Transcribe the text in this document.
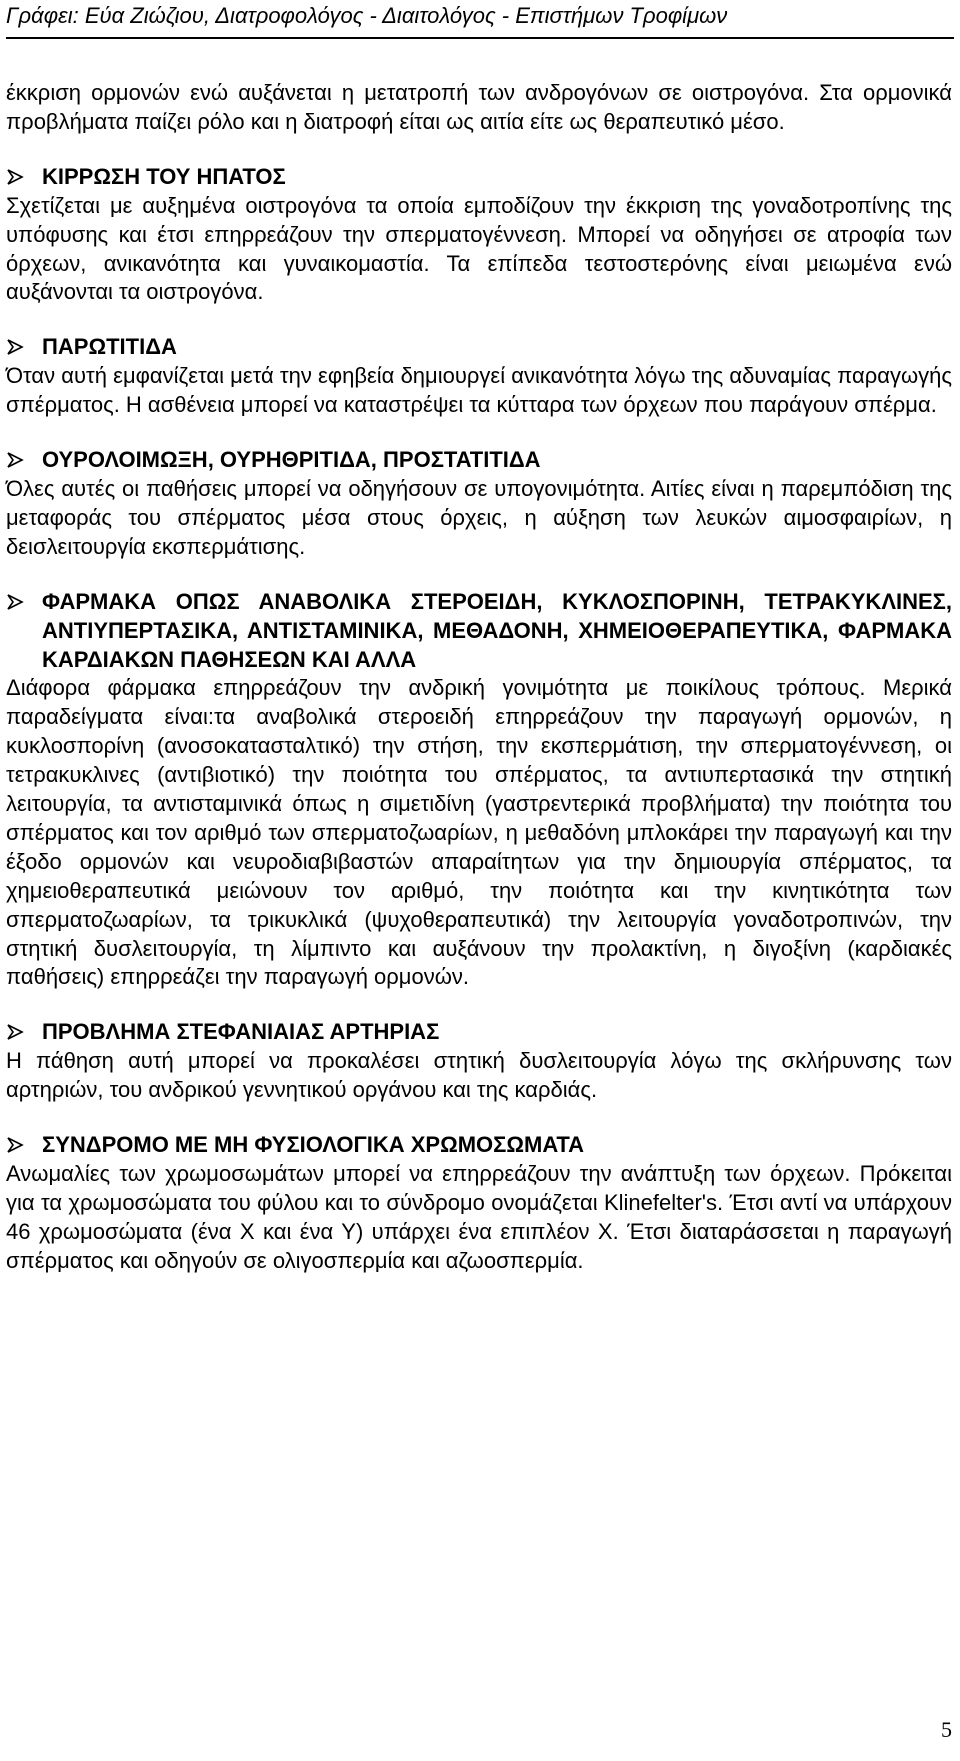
Γράφει: Εύα Ζιώζιου, Διατροφολόγος - Διαιτολόγος - Επιστήμων Τροφίμων

έκκριση ορμονών ενώ αυξάνεται η μετατροπή των ανδρογόνων σε οιστρογόνα. Στα ορμονικά προβλήματα παίζει ρόλο και η διατροφή είται ως αιτία είτε ως θεραπευτικό μέσο.

ΚΙΡΡΩΣΗ ΤΟΥ ΗΠΑΤΟΣ

Σχετίζεται με αυξημένα οιστρογόνα τα οποία εμποδίζουν την έκκριση της γοναδοτροπίνης της υπόφυσης και έτσι επηρρεάζουν την σπερματογέννεση. Μπορεί να οδηγήσει σε ατροφία των όρχεων, ανικανότητα και γυναικομαστία. Τα επίπεδα τεστοστερόνης είναι μειωμένα ενώ αυξάνονται τα οιστρογόνα.

ΠΑΡΩΤΙΤΙΔΑ

Όταν αυτή εμφανίζεται μετά την εφηβεία δημιουργεί ανικανότητα λόγω της αδυναμίας παραγωγής σπέρματος. Η ασθένεια μπορεί να καταστρέψει τα κύτταρα των όρχεων που παράγουν σπέρμα.

ΟΥΡΟΛΟΙΜΩΞΗ, ΟΥΡΗΘΡΙΤΙΔΑ, ΠΡΟΣΤΑΤΙΤΙΔΑ

Όλες αυτές οι παθήσεις μπορεί να οδηγήσουν σε υπογονιμότητα. Αιτίες είναι η παρεμπόδιση της μεταφοράς του σπέρματος μέσα στους όρχεις, η αύξηση των λευκών αιμοσφαιρίων, η δεισλειτουργία εκσπερμάτισης.

ΦΑΡΜΑΚΑ ΟΠΩΣ ΑΝΑΒΟΛΙΚΑ ΣΤΕΡΟΕΙΔΗ, ΚΥΚΛΟΣΠΟΡΙΝΗ, ΤΕΤΡΑΚΥΚΛΙΝΕΣ, ΑΝΤΙΥΠΕΡΤΑΣΙΚΑ, ΑΝΤΙΣΤΑΜΙΝΙΚΑ, ΜΕΘΑΔΟΝΗ, ΧΗΜΕΙΟΘΕΡΑΠΕΥΤΙΚΑ, ΦΑΡΜΑΚΑ ΚΑΡΔΙΑΚΩΝ ΠΑΘΗΣΕΩΝ ΚΑΙ ΑΛΛΑ

Διάφορα φάρμακα επηρρεάζουν την ανδρική γονιμότητα με ποικίλους τρόπους. Μερικά παραδείγματα είναι:τα αναβολικά στεροειδή επηρρεάζουν την παραγωγή ορμονών, η κυκλοσπορίνη (ανοσοκατασταλτικό) την στήση, την εκσπερμάτιση, την σπερματογέννεση, οι τετρακυκλινες (αντιβιοτικό) την ποιότητα του σπέρματος, τα αντιυπερτασικά την στητική λειτουργία, τα αντισταμινικά όπως η σιμετιδίνη (γαστρεντερικά προβλήματα) την ποιότητα του σπέρματος και τον αριθμό των σπερματοζωαρίων, η μεθαδόνη μπλοκάρει την παραγωγή και την έξοδο ορμονών και νευροδιαβιβαστών απαραίτητων για την δημιουργία σπέρματος, τα χημειοθεραπευτικά μειώνουν τον αριθμό, την ποιότητα και την κινητικότητα των σπερματοζωαρίων, τα τρικυκλικά (ψυχοθεραπευτικά) την λειτουργία γοναδοτροπινών, την στητική δυσλειτουργία, τη λίμπιντο και αυξάνουν την προλακτίνη, η διγοξίνη (καρδιακές παθήσεις) επηρρεάζει την παραγωγή ορμονών.

ΠΡΟΒΛΗΜΑ ΣΤΕΦΑΝΙΑΙΑΣ ΑΡΤΗΡΙΑΣ

Η πάθηση αυτή μπορεί να προκαλέσει στητική δυσλειτουργία λόγω της σκλήρυνσης των αρτηριών, του ανδρικού γεννητικού οργάνου και της καρδιάς.

ΣΥΝΔΡΟΜΟ ΜΕ ΜΗ ΦΥΣΙΟΛΟΓΙΚΑ ΧΡΩΜΟΣΩΜΑΤΑ

Ανωμαλίες των χρωμοσωμάτων μπορεί να επηρρεάζουν την ανάπτυξη των όρχεων. Πρόκειται για τα χρωμοσώματα του φύλου και το σύνδρομο ονομάζεται Klinefelter's. Έτσι αντί να υπάρχουν 46 χρωμοσώματα (ένα Χ και ένα Υ) υπάρχει ένα επιπλέον Χ. Έτσι διαταράσσεται η παραγωγή σπέρματος και οδηγούν σε ολιγοσπερμία και αζωοσπερμία.

5
